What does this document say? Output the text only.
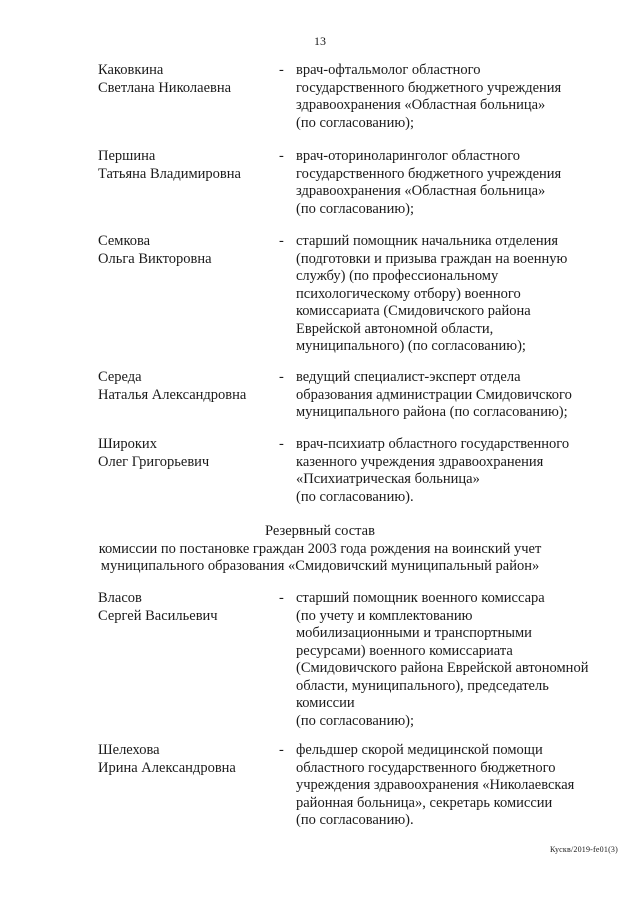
13
Каковкина
Светлана Николаевна
- врач-офтальмолог областного
государственного бюджетного учреждения
здравоохранения «Областная больница»
(по согласованию);
Першина
Татьяна Владимировна
- врач-оториноларинголог областного
государственного бюджетного учреждения
здравоохранения «Областная больница»
(по согласованию);
Семкова
Ольга Викторовна
- старший помощник начальника отделения
(подготовки и призыва граждан на военную
службу) (по профессиональному
психологическому отбору) военного
комиссариата (Смидовичского района
Еврейской автономной области,
муниципального) (по согласованию);
Середа
Наталья Александровна
- ведущий специалист-эксперт отдела
образования администрации Смидовичского
муниципального района (по согласованию);
Широких
Олег Григорьевич
- врач-психиатр областного государственного
казенного учреждения здравоохранения
«Психиатрическая больница»
(по согласованию).
Резервный состав
комиссии по постановке граждан 2003 года рождения на воинский учет
муниципального образования «Смидовичский муниципальный район»
Власов
Сергей Васильевич
- старший помощник военного комиссара
(по учету и комплектованию
мобилизационными и транспортными
ресурсами) военного комиссариата
(Смидовичского района Еврейской автономной
области, муниципального), председатель
комиссии
(по согласованию);
Шелехова
Ирина Александровна
- фельдшер скорой медицинской помощи
областного государственного бюджетного
учреждения здравоохранения «Николаевская
районная больница», секретарь комиссии
(по согласованию).
Кускв/2019-fe01(3)
